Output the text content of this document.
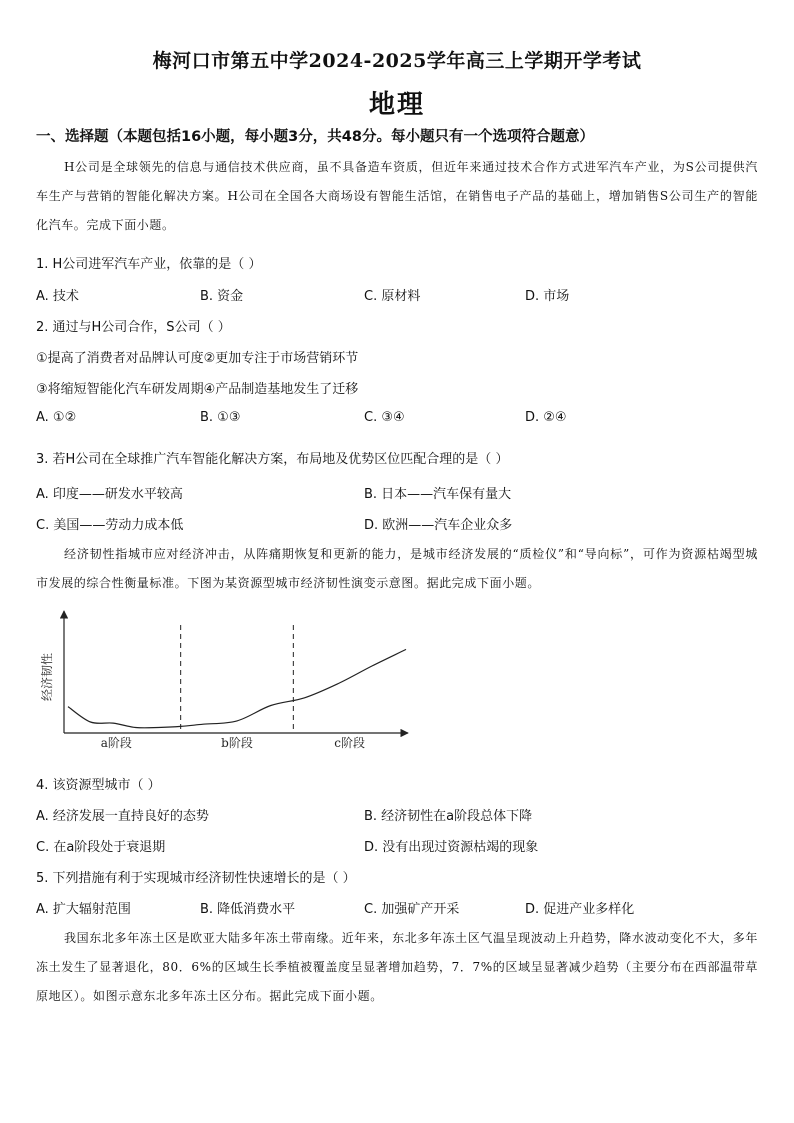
梅河口市第五中学2024-2025学年高三上学期开学考试
地理
一、选择题（本题包括16小题，每小题3分，共48分。每小题只有一个选项符合题意）
H公司是全球领先的信息与通信技术供应商，虽不具备造车资质，但近年来通过技术合作方式进军汽车产业，为S公司提供汽车生产与营销的智能化解决方案。H公司在全国各大商场设有智能生活馆，在销售电子产品的基础上，增加销售S公司生产的智能化汽车。完成下面小题。
1. H公司进军汽车产业，依靠的是（ ）
A. 技术	B. 资金	C. 原材料	D. 市场
2. 通过与H公司合作，S公司（ ）
①提高了消费者对品牌认可度②更加专注于市场营销环节
③将缩短智能化汽车研发周期④产品制造基地发生了迁移
A. ①②	B. ①③	C. ③④	D. ②④
3. 若H公司在全球推广汽车智能化解决方案，布局地及优势区位匹配合理的是（ ）
A. 印度——研发水平较高	B. 日本——汽车保有量大
C. 美国——劳动力成本低	D. 欧洲——汽车企业众多
经济韧性指城市应对经济冲击，从阵痛期恢复和更新的能力，是城市经济发展的“质检仪”和“导向标”，可作为资源枯竭型城市发展的综合性衡量标准。下图为某资源型城市经济韧性演变示意图。据此完成下面小题。
经济韧性
a阶段	b阶段	c阶段
4. 该资源型城市（ ）
A. 经济发展一直持良好的态势	B. 经济韧性在a阶段总体下降
C. 在a阶段处于衰退期	D. 没有出现过资源枯竭的现象
5. 下列措施有利于实现城市经济韧性快速增长的是（ ）
A. 扩大辐射范围	B. 降低消费水平	C. 加强矿产开采	D. 促进产业多样化
我国东北多年冻土区是欧亚大陆多年冻土带南缘。近年来，东北多年冻土区气温呈现波动上升趋势，降水波动变化不大，多年冻土发生了显著退化，80．6%的区域生长季植被覆盖度呈显著增加趋势，7．7%的区域呈显著减少趋势（主要分布在西部温带草原地区）。如图示意东北多年冻土区分布。据此完成下面小题。
